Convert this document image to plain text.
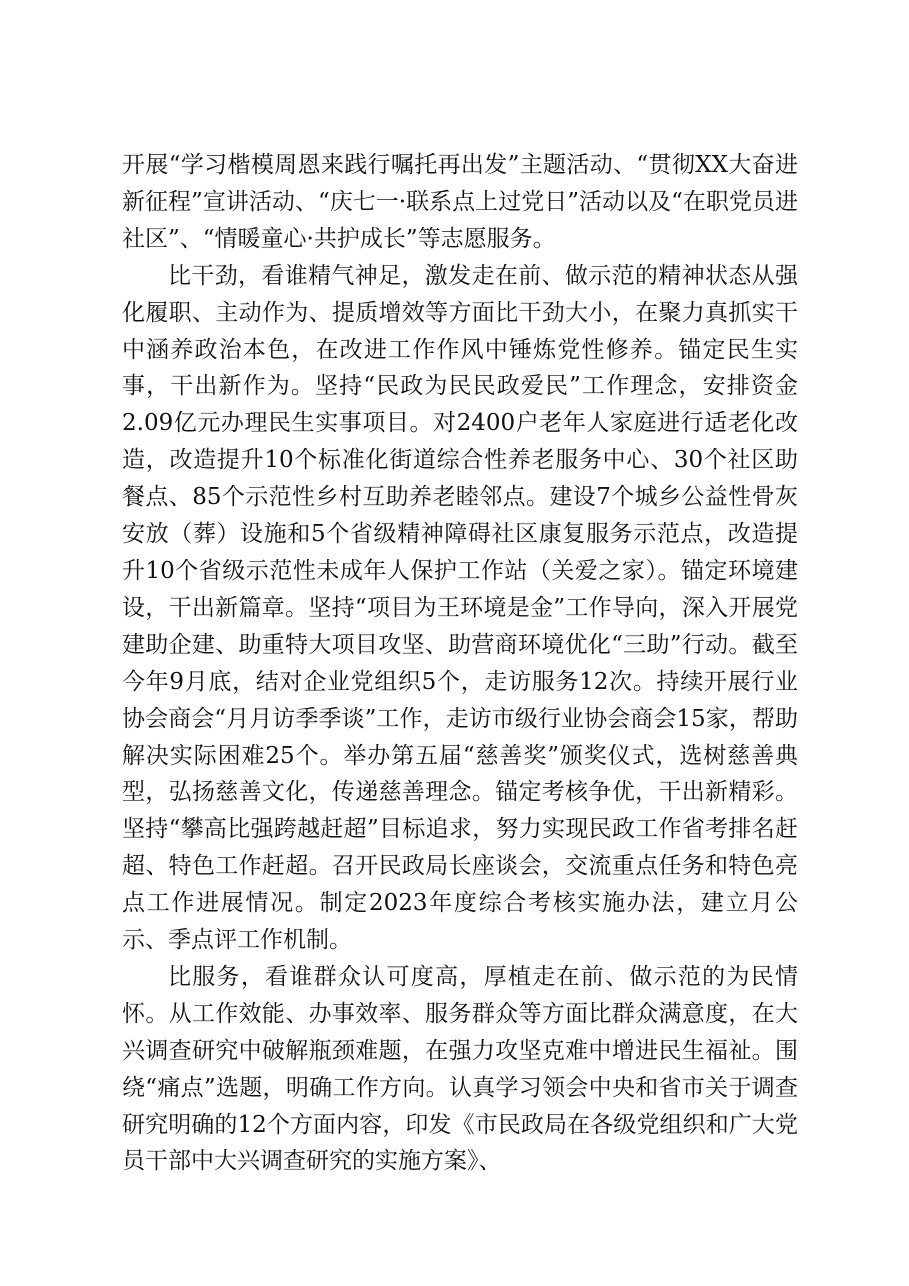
开展“学习楷模周恩来践行嘱托再出发”主题活动、“贯彻XX大奋进新征程”宣讲活动、“庆七一·联系点上过党日”活动以及“在职党员进社区”、“情暖童心·共护成长”等志愿服务。

比干劲，看谁精气神足，激发走在前、做示范的精神状态从强化履职、主动作为、提质增效等方面比干劲大小，在聚力真抓实干中涵养政治本色，在改进工作作风中锤炼党性修养。锚定民生实事，干出新作为。坚持“民政为民民政爱民”工作理念，安排资金2.09亿元办理民生实事项目。对2400户老年人家庭进行适老化改造，改造提升10个标准化街道综合性养老服务中心、30个社区助餐点、85个示范性乡村互助养老睦邻点。建设7个城乡公益性骨灰安放（葬）设施和5个省级精神障碍社区康复服务示范点，改造提升10个省级示范性未成年人保护工作站（关爱之家）。锚定环境建设，干出新篇章。坚持“项目为王环境是金”工作导向，深入开展党建助企建、助重特大项目攻坚、助营商环境优化“三助”行动。截至今年9月底，结对企业党组织5个，走访服务12次。持续开展行业协会商会“月月访季季谈”工作，走访市级行业协会商会15家，帮助解决实际困难25个。举办第五届“慈善奖”颁奖仪式，选树慈善典型，弘扬慈善文化，传递慈善理念。锚定考核争优，干出新精彩。坚持“攀高比强跨越赶超”目标追求，努力实现民政工作省考排名赶超、特色工作赶超。召开民政局长座谈会，交流重点任务和特色亮点工作进展情况。制定2023年度综合考核实施办法，建立月公示、季点评工作机制。

比服务，看谁群众认可度高，厚植走在前、做示范的为民情怀。从工作效能、办事效率、服务群众等方面比群众满意度，在大兴调查研究中破解瓶颈难题，在强力攻坚克难中增进民生福祉。围绕“痛点”选题，明确工作方向。认真学习领会中央和省市关于调查研究明确的12个方面内容，印发《市民政局在各级党组织和广大党员干部中大兴调查研究的实施方案》、
